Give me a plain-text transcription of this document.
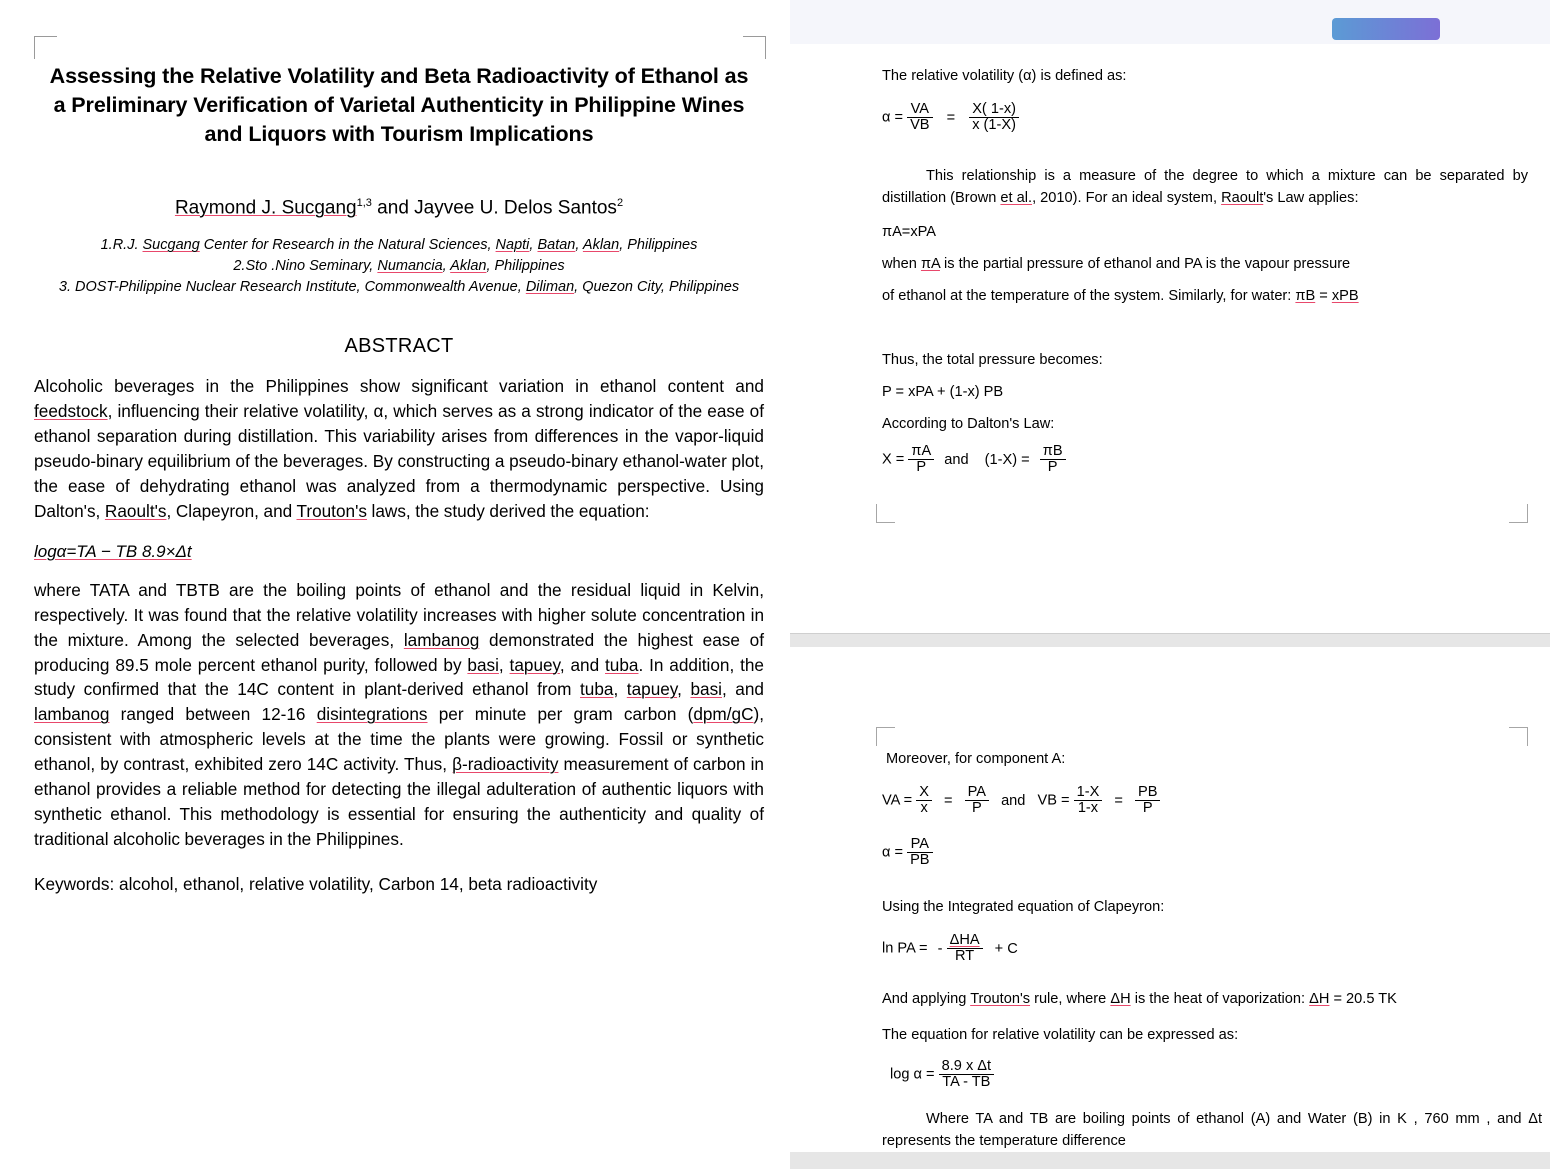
Assessing the Relative Volatility and Beta Radioactivity of Ethanol as a Preliminary Verification of Varietal Authenticity in Philippine Wines and Liquors with Tourism Implications
Raymond J. Sucgang$^{1,3}$ and Jayvee U. Delos Santos$^2$
1.R.J. Sucgang Center for Research in the Natural Sciences, Napti, Batan, Aklan, Philippines
2.Sto .Nino Seminary, Numancia, Aklan, Philippines
3. DOST-Philippine Nuclear Research Institute, Commonwealth Avenue, Diliman, Quezon City, Philippines
ABSTRACT
Alcoholic beverages in the Philippines show significant variation in ethanol content and feedstock, influencing their relative volatility, α, which serves as a strong indicator of the ease of ethanol separation during distillation. This variability arises from differences in the vapor-liquid pseudo-binary equilibrium of the beverages. By constructing a pseudo-binary ethanol-water plot, the ease of dehydrating ethanol was analyzed from a thermodynamic perspective. Using Dalton's, Raoult's, Clapeyron, and Trouton's laws, the study derived the equation:
logα=TA − TB 8.9×Δt
where TATA and TBTB are the boiling points of ethanol and the residual liquid in Kelvin, respectively. It was found that the relative volatility increases with higher solute concentration in the mixture. Among the selected beverages, lambanog demonstrated the highest ease of producing 89.5 mole percent ethanol purity, followed by basi, tapuey, and tuba. In addition, the study confirmed that the 14C content in plant-derived ethanol from tuba, tapuey, basi, and lambanog ranged between 12-16 disintegrations per minute per gram carbon (dpm/gC), consistent with atmospheric levels at the time the plants were growing. Fossil or synthetic ethanol, by contrast, exhibited zero 14C activity. Thus, β-radioactivity measurement of carbon in ethanol provides a reliable method for detecting the illegal adulteration of authentic liquors with synthetic ethanol. This methodology is essential for ensuring the authenticity and quality of traditional alcoholic beverages in the Philippines.
Keywords: alcohol, ethanol, relative volatility, Carbon 14, beta radioactivity

The relative volatility (α) is defined as:
$\alpha = \frac{VA}{VB} = \frac{X( 1-x)}{x (1-X)}$
This relationship is a measure of the degree to which a mixture can be separated by distillation (Brown et al., 2010). For an ideal system, Raoult's Law applies:
πA=xPA
when πA is the partial pressure of ethanol and PA is the vapour pressure
of ethanol at the temperature of the system. Similarly, for water: πB = xPB
Thus, the total pressure becomes:
P = xPA + (1-x) PB
According to Dalton's Law:
$X = \frac{\pi A}{P}$ and $(1-X) = \frac{\pi B}{P}$
Moreover, for component A:
VA = $\frac{X}{x} = \frac{PA}{P}$ and VB = $\frac{1-X}{1-x} = \frac{PB}{P}$
$\alpha = \frac{PA}{PB}$
Using the Integrated equation of Clapeyron:
ln PA = - $\frac{\text{ΔHA}}{RT} + C$
And applying Trouton's rule, where ΔH is the heat of vaporization: ΔH = 20.5 TK
The equation for relative volatility can be expressed as:
$\log \alpha = \frac{\text{8.9 x Δt}}{TA - TB}$
Where TA and TB are boiling points of ethanol (A) and Water (B) in K , 760 mm , and Δt represents the temperature difference
